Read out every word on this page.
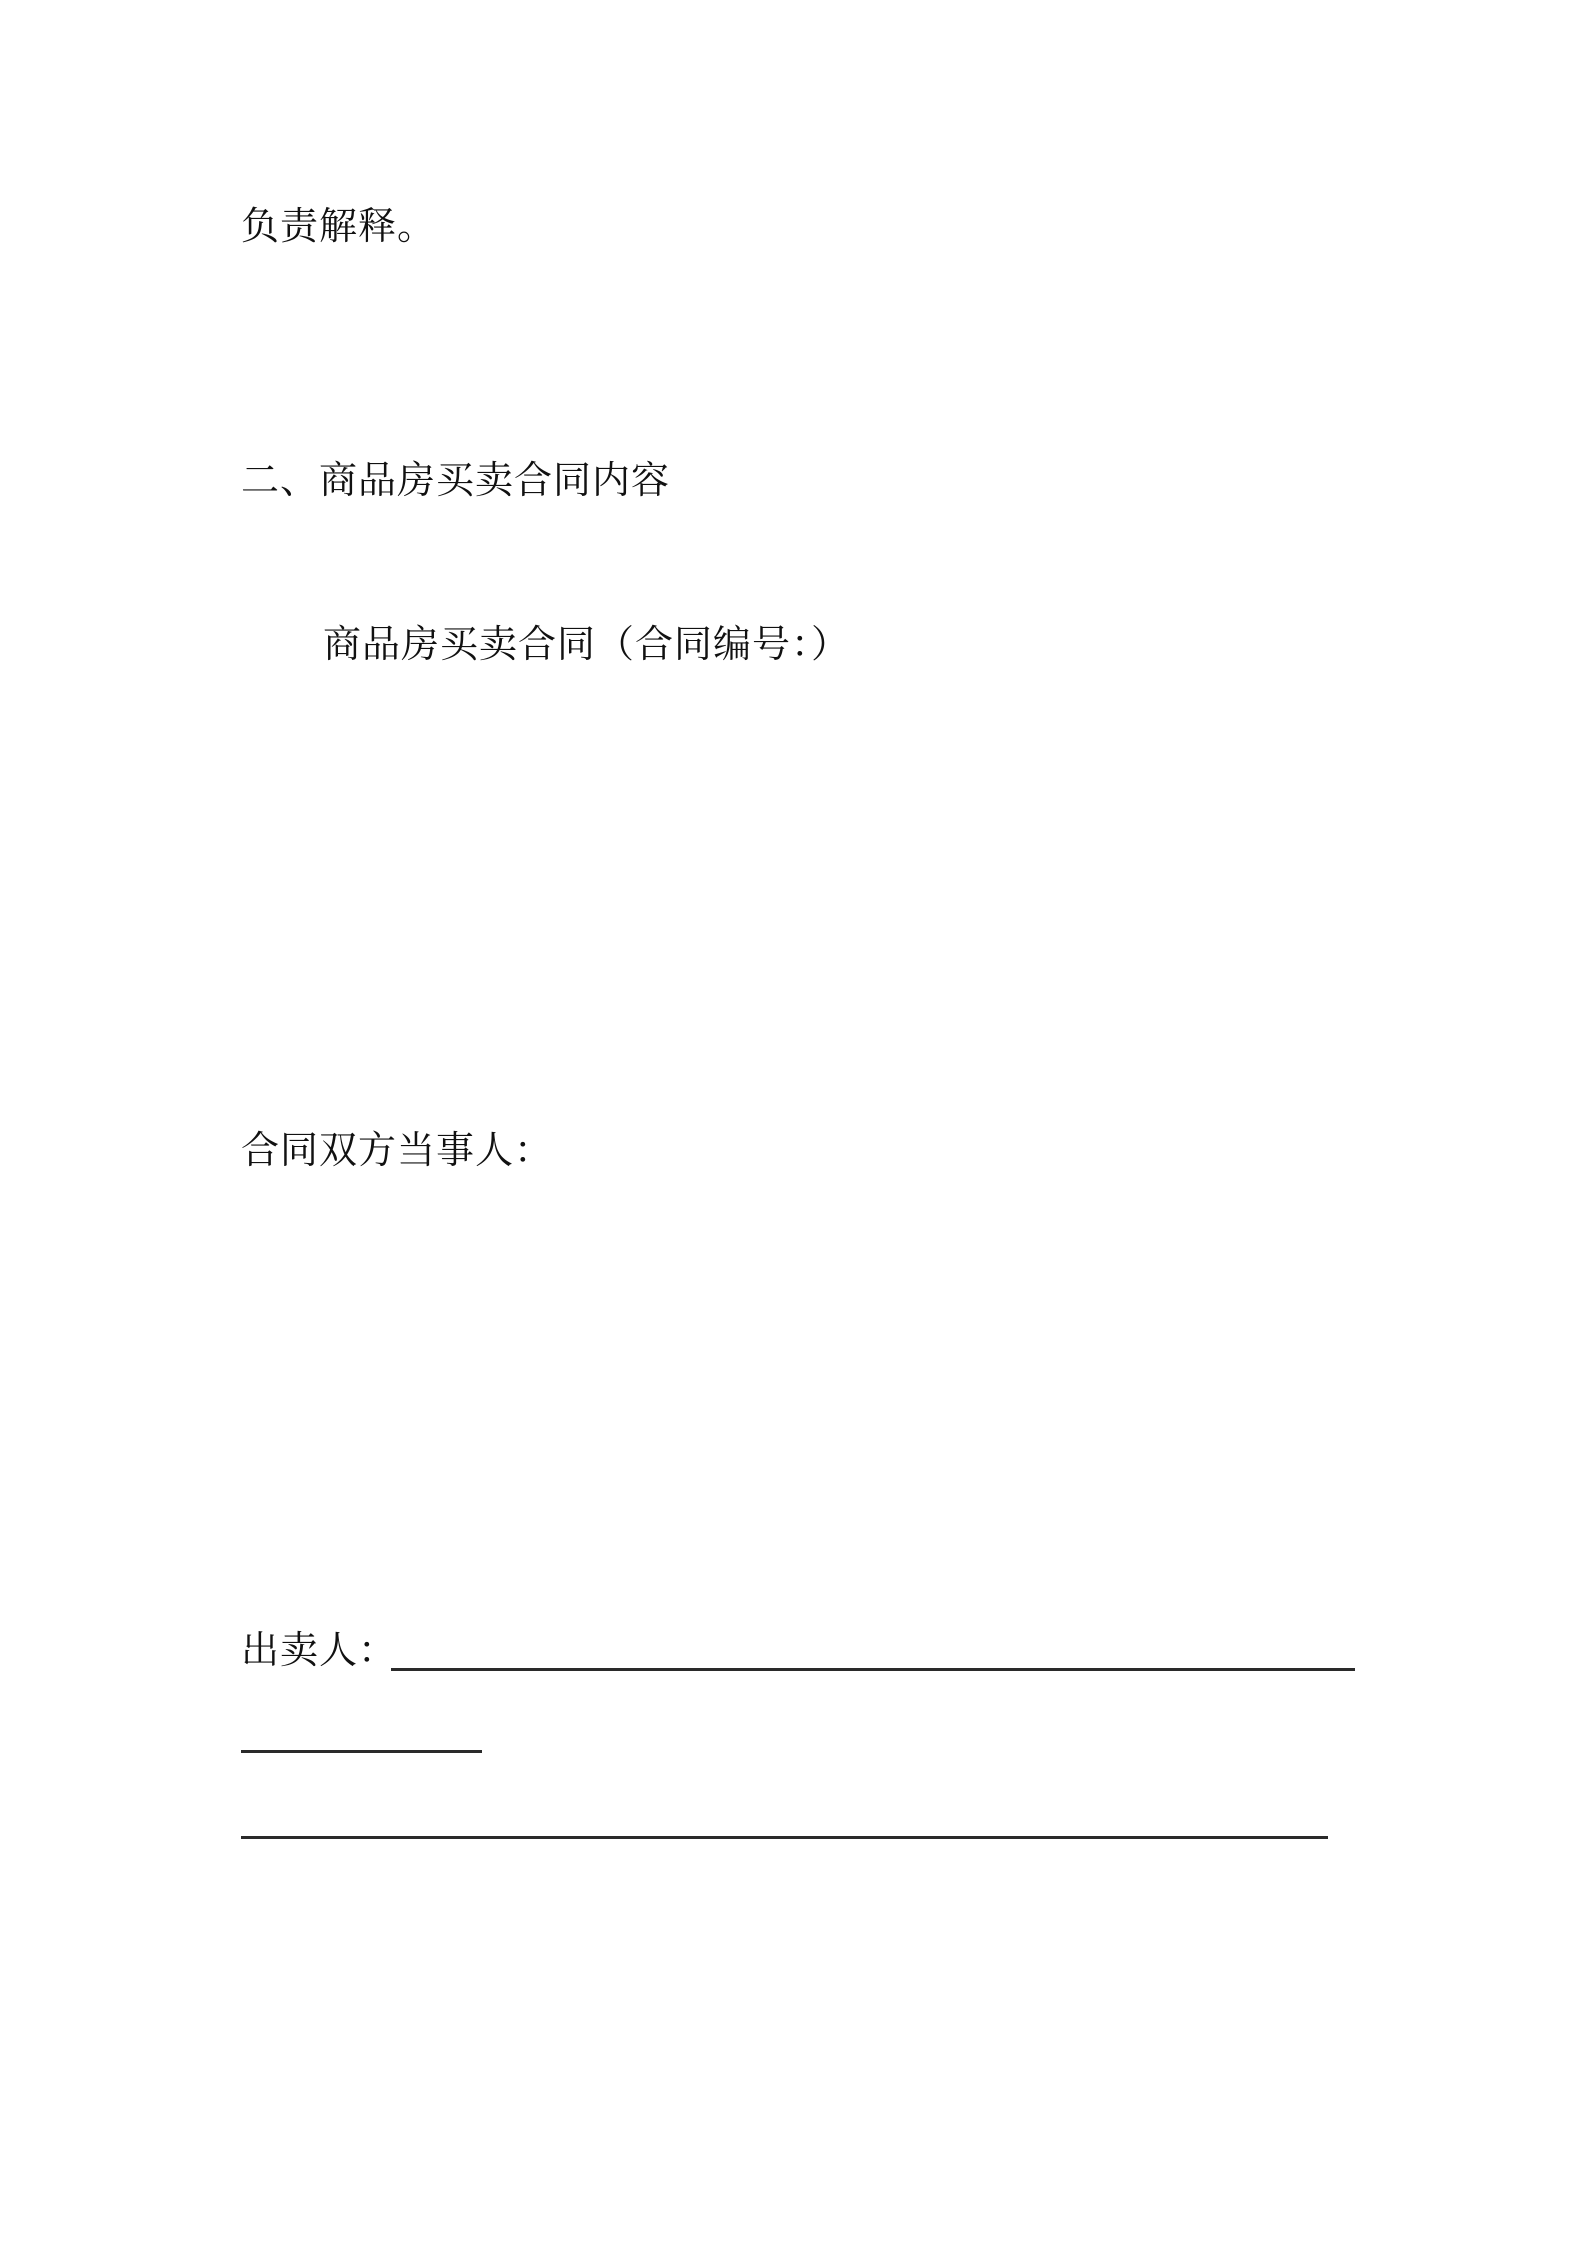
负责解释。
二、商品房买卖合同内容
商品房买卖合同（合同编号：）
合同双方当事人：
出卖人：
